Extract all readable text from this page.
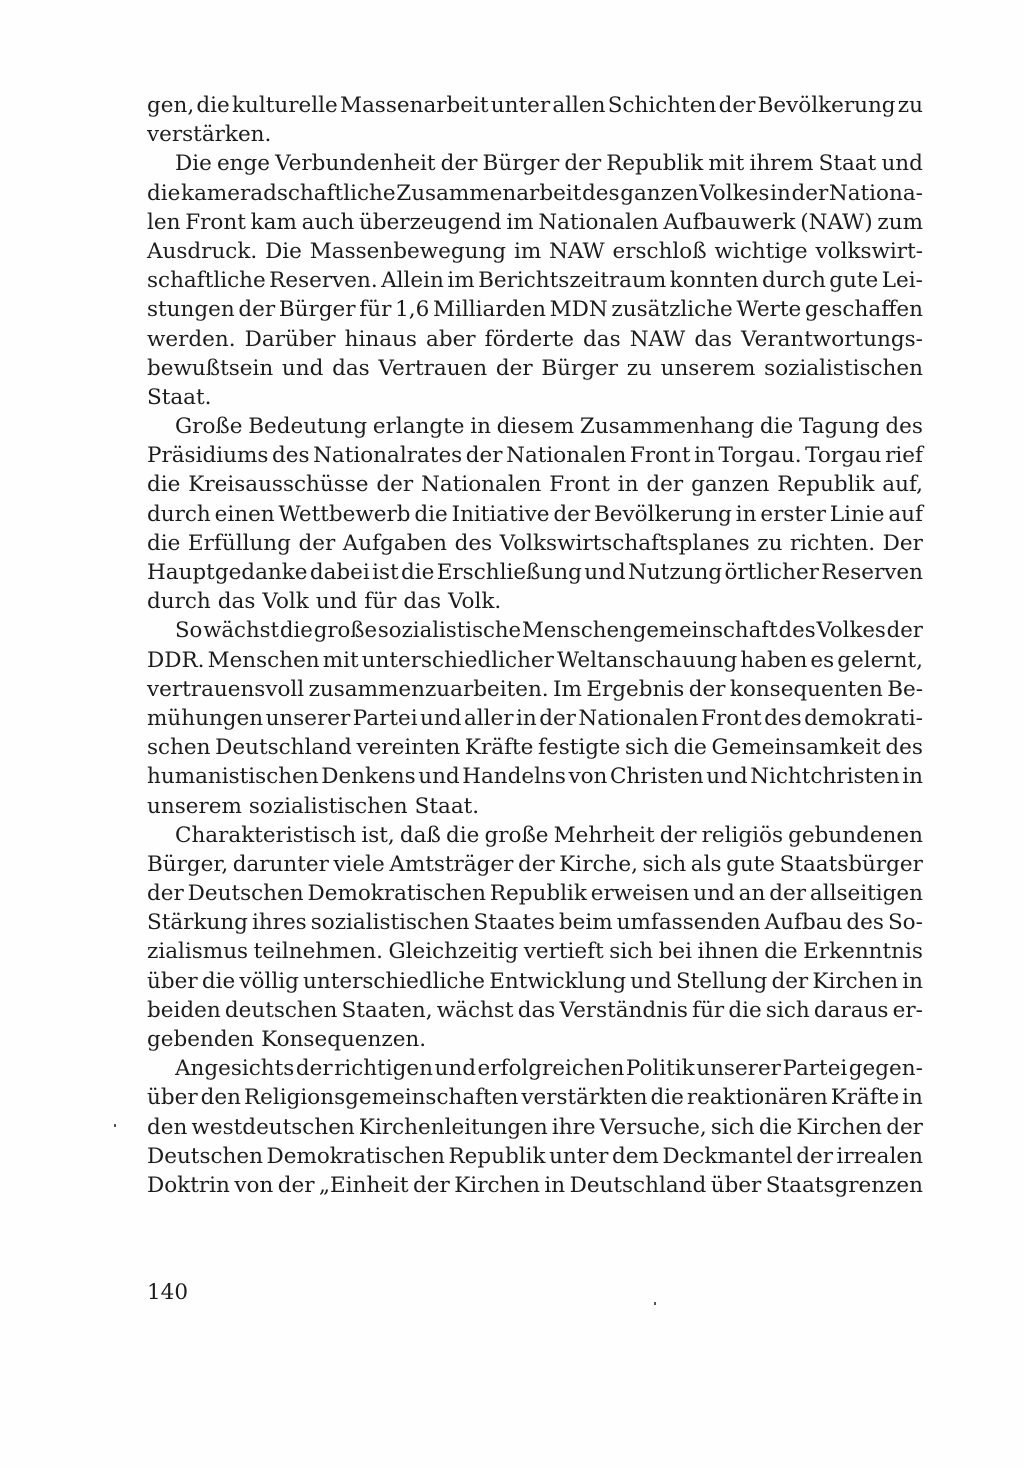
gen, die kulturelle Massenarbeit unter allen Schichten der Bevölkerung zu
verstärken.
Die enge Verbundenheit der Bürger der Republik mit ihrem Staat und
die kameradschaftliche Zusammenarbeit des ganzen Volkes in der Nationa-
len Front kam auch überzeugend im Nationalen Aufbauwerk (NAW) zum
Ausdruck. Die Massenbewegung im NAW erschloß wichtige volkswirt-
schaftliche Reserven. Allein im Berichtszeitraum konnten durch gute Lei-
stungen der Bürger für 1,6 Milliarden MDN zusätzliche Werte geschaffen
werden. Darüber hinaus aber förderte das NAW das Verantwortungs-
bewußtsein und das Vertrauen der Bürger zu unserem sozialistischen
Staat.
Große Bedeutung erlangte in diesem Zusammenhang die Tagung des
Präsidiums des Nationalrates der Nationalen Front in Torgau. Torgau rief
die Kreisausschüsse der Nationalen Front in der ganzen Republik auf,
durch einen Wettbewerb die Initiative der Bevölkerung in erster Linie auf
die Erfüllung der Aufgaben des Volkswirtschaftsplanes zu richten. Der
Hauptgedanke dabei ist die Erschließung und Nutzung örtlicher Reserven
durch das Volk und für das Volk.
So wächst die große sozialistische Menschengemeinschaft des Volkes der
DDR. Menschen mit unterschiedlicher Weltanschauung haben es gelernt,
vertrauensvoll zusammenzuarbeiten. Im Ergebnis der konsequenten Be-
mühungen unserer Partei und aller in der Nationalen Front des demokrati-
schen Deutschland vereinten Kräfte festigte sich die Gemeinsamkeit des
humanistischen Denkens und Handelns von Christen und Nichtchristen in
unserem sozialistischen Staat.
Charakteristisch ist, daß die große Mehrheit der religiös gebundenen
Bürger, darunter viele Amtsträger der Kirche, sich als gute Staatsbürger
der Deutschen Demokratischen Republik erweisen und an der allseitigen
Stärkung ihres sozialistischen Staates beim umfassenden Aufbau des So-
zialismus teilnehmen. Gleichzeitig vertieft sich bei ihnen die Erkenntnis
über die völlig unterschiedliche Entwicklung und Stellung der Kirchen in
beiden deutschen Staaten, wächst das Verständnis für die sich daraus er-
gebenden Konsequenzen.
Angesichts der richtigen und erfolgreichen Politik unserer Partei gegen-
über den Religionsgemeinschaften verstärkten die reaktionären Kräfte in
den westdeutschen Kirchenleitungen ihre Versuche, sich die Kirchen der
Deutschen Demokratischen Republik unter dem Deckmantel der irrealen
Doktrin von der „Einheit der Kirchen in Deutschland über Staatsgrenzen
140
